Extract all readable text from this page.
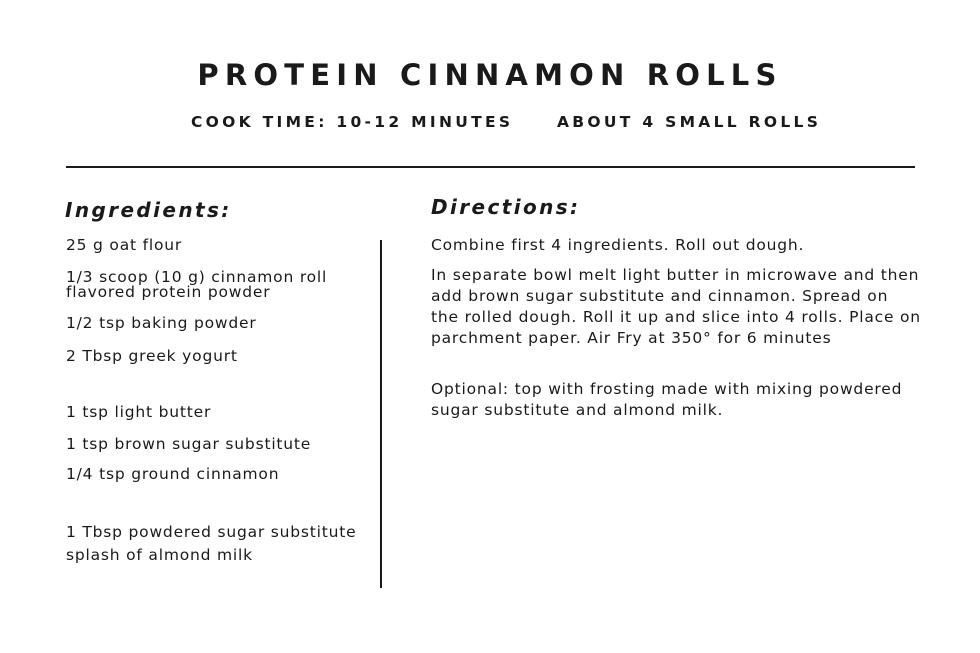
PROTEIN CINNAMON ROLLS
COOK TIME: 10-12 MINUTES	ABOUT 4 SMALL ROLLS
Ingredients:	Directions:
25 g oat flour
1/3 scoop (10 g) cinnamon roll flavored protein powder
1/2 tsp baking powder
2 Tbsp greek yogurt
1 tsp light butter
1 tsp brown sugar substitute
1/4 tsp ground cinnamon
1 Tbsp powdered sugar substitute
splash of almond milk

Combine first 4 ingredients. Roll out dough.

In separate bowl melt light butter in microwave and then add brown sugar substitute and cinnamon. Spread on the rolled dough. Roll it up and slice into 4 rolls. Place on parchment paper. Air Fry at 350° for 6 minutes

Optional: top with frosting made with mixing powdered sugar substitute and almond milk.
